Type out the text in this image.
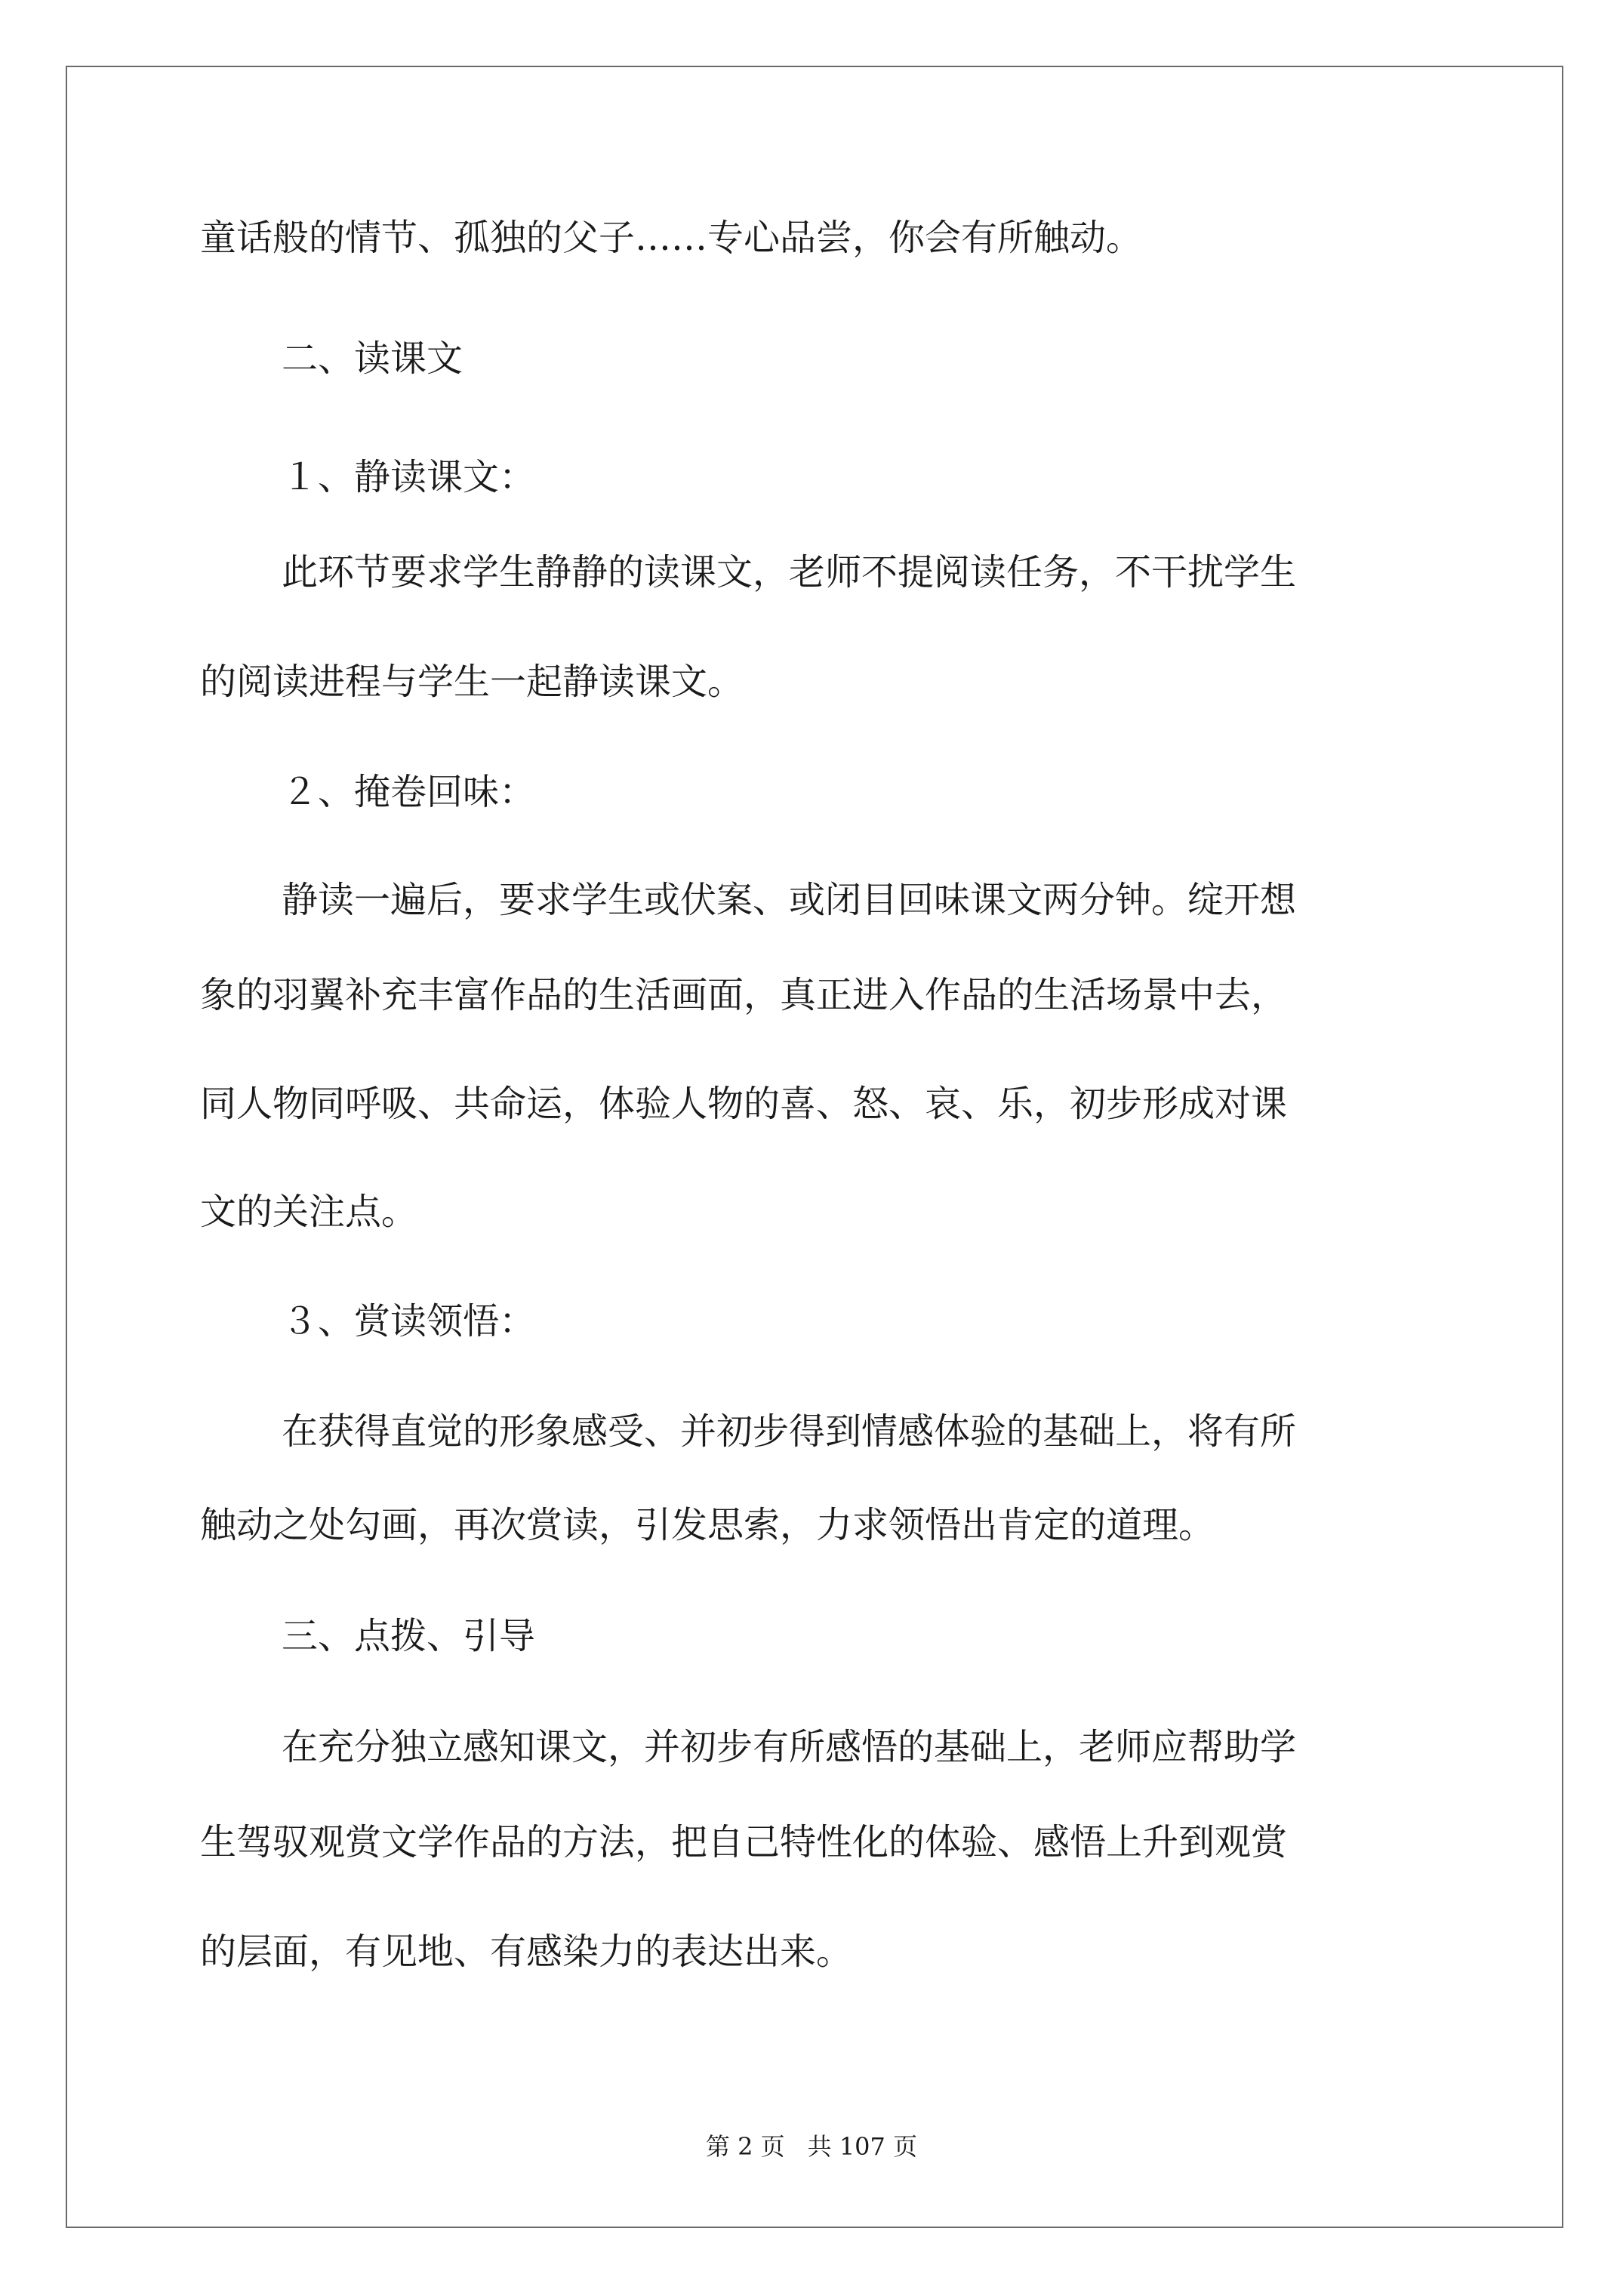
童话般的情节、孤独的父子……专心品尝，你会有所触动。
二、读课文
１、静读课文：
此环节要求学生静静的读课文，老师不提阅读任务，不干扰学生
的阅读进程与学生一起静读课文。
２、掩卷回味：
静读一遍后，要求学生或伏案、或闭目回味课文两分钟。绽开想
象的羽翼补充丰富作品的生活画面，真正进入作品的生活场景中去，
同人物同呼吸、共命运，体验人物的喜、怒、哀、乐，初步形成对课
文的关注点。
３、赏读领悟：
在获得直觉的形象感受、并初步得到情感体验的基础上，将有所
触动之处勾画，再次赏读，引发思索，力求领悟出肯定的道理。
三、点拨、引导
在充分独立感知课文，并初步有所感悟的基础上，老师应帮助学
生驾驭观赏文学作品的方法，把自己特性化的体验、感悟上升到观赏
的层面，有见地、有感染力的表达出来。
第 2 页 共 107 页
